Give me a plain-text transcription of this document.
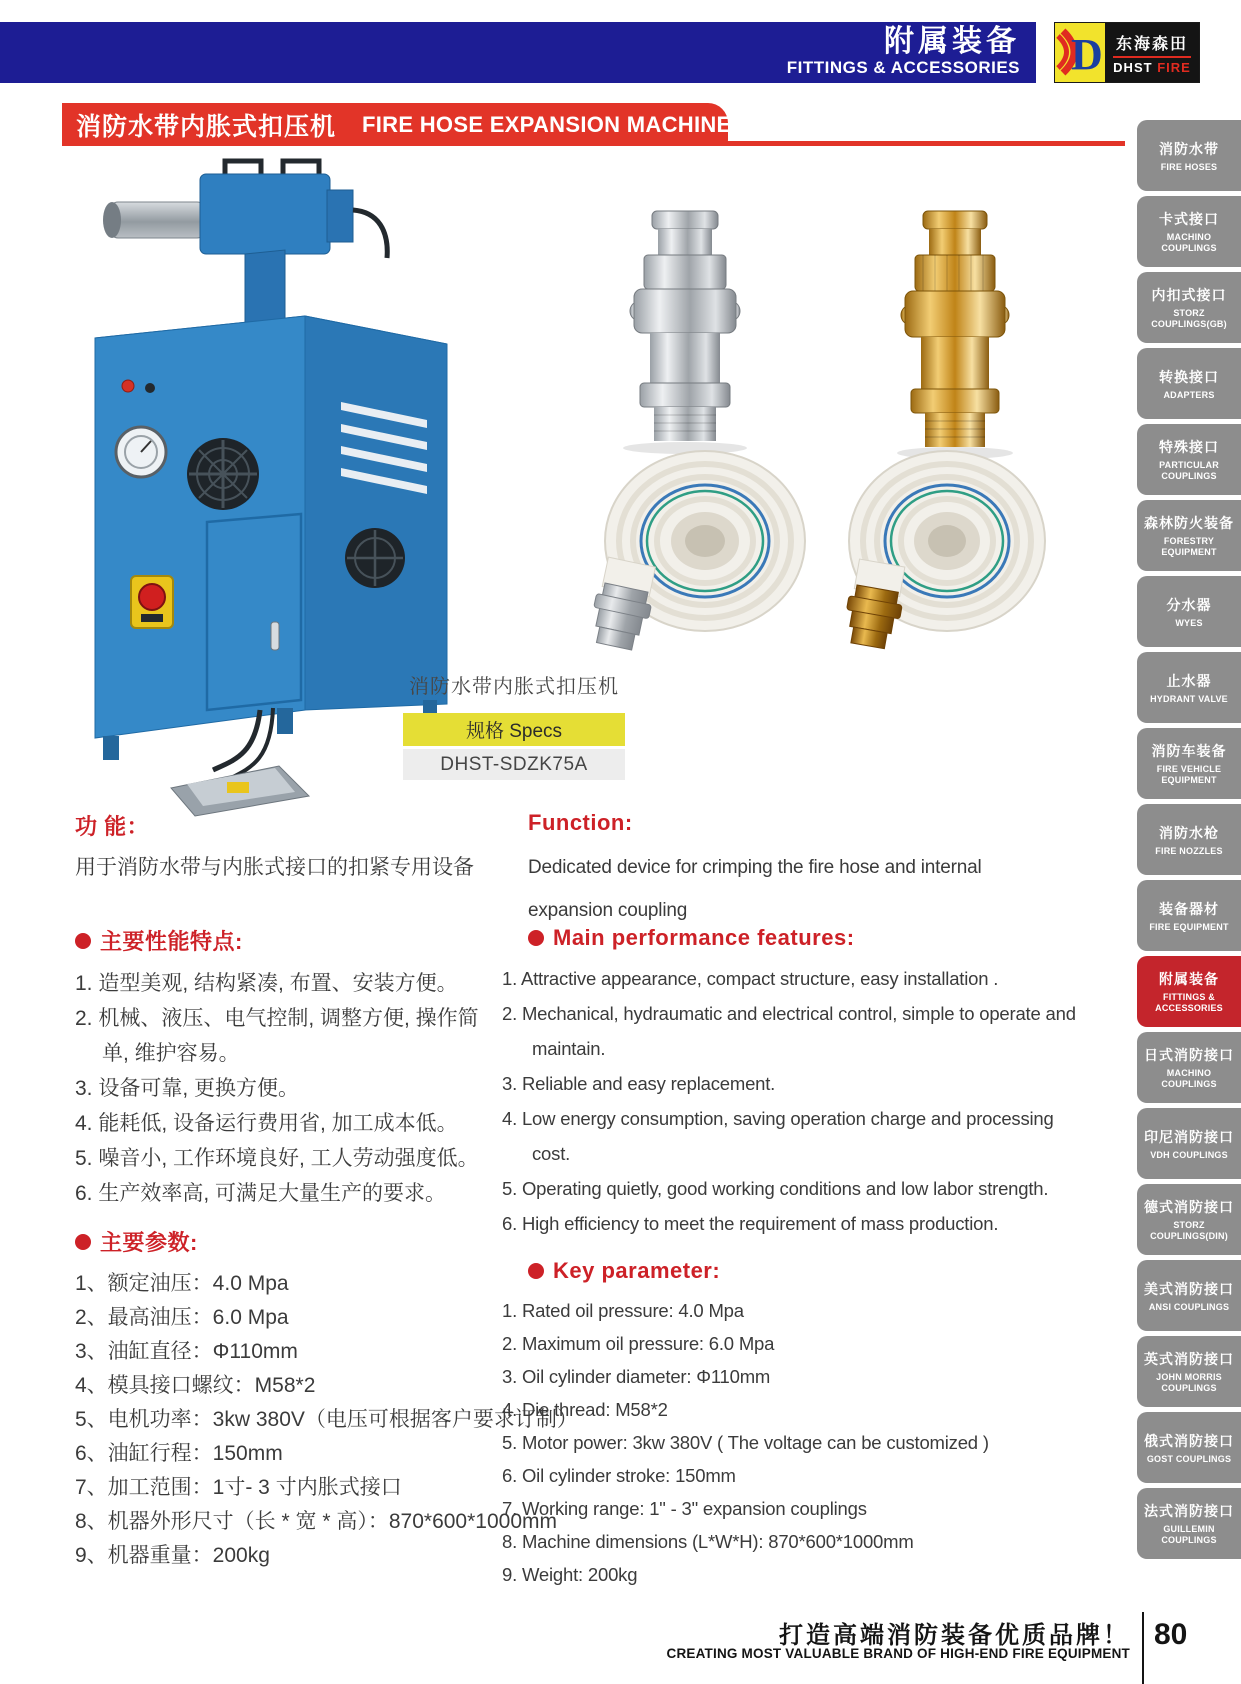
附属装备
FITTINGS & ACCESSORIES D 东海森田
DHST FIRE
消防水带内胀式扣压机 FIRE HOSE EXPANSION MACHINE
消防水带
FIRE HOSES
卡式接口
MACHINO COUPLINGS
内扣式接口
STORZ COUPLINGS(GB)
转换接口
ADAPTERS
特殊接口
PARTICULAR COUPLINGS
森林防火装备
FORESTRY EQUIPMENT
分水器
WYES
止水器
HYDRANT VALVE
消防车装备
FIRE VEHICLE EQUIPMENT
消防水枪
FIRE NOZZLES
装备器材
FIRE EQUIPMENT
附属装备
FITTINGS & ACCESSORIES
日式消防接口
MACHINO COUPLINGS
印尼消防接口
VDH COUPLINGS
德式消防接口
STORZ COUPLINGS(DIN)
美式消防接口
ANSI COUPLINGS
英式消防接口
JOHN MORRIS COUPLINGS
俄式消防接口
GOST COUPLINGS
法式消防接口
GUILLEMIN COUPLINGS
消防水带内胀式扣压机
规格 Specs
DHST-SDZK75A
功 能：
用于消防水带与内胀式接口的扣紧专用设备
Function:
Dedicated device for crimping the fire hose and internal expansion coupling
主要性能特点:
1. 造型美观, 结构紧凑, 布置、安装方便。
2. 机械、液压、电气控制, 调整方便, 操作简单, 维护容易。
3. 设备可靠, 更换方便。
4. 能耗低, 设备运行费用省, 加工成本低。
5. 噪音小, 工作环境良好, 工人劳动强度低。
6. 生产效率高, 可满足大量生产的要求。
Main performance features:
1. Attractive appearance, compact structure, easy installation .
2. Mechanical, hydraumatic and electrical control, simple to operate and maintain.
3. Reliable and easy replacement.
4. Low energy consumption, saving operation charge and processing cost.
5. Operating quietly, good working conditions and low labor strength.
6. High efficiency to meet the requirement of mass production.
主要参数:
1、额定油压：4.0 Mpa
2、最高油压：6.0 Mpa
3、油缸直径：Φ110mm
4、模具接口螺纹：M58*2
5、电机功率：3kw 380V（电压可根据客户要求订制）
6、油缸行程：150mm
7、加工范围：1寸- 3 寸内胀式接口
8、机器外形尺寸（长 * 宽 * 高）：870*600*1000mm
9、机器重量：200kg
Key parameter:
1. Rated oil pressure: 4.0 Mpa
2. Maximum oil pressure: 6.0 Mpa
3. Oil cylinder diameter: Φ110mm
4. Die thread: M58*2
5. Motor power: 3kw 380V ( The voltage can be customized )
6. Oil cylinder stroke: 150mm
7. Working range: 1" - 3" expansion couplings
8. Machine dimensions (L*W*H): 870*600*1000mm
9. Weight: 200kg
打造高端消防装备优质品牌！
CREATING MOST VALUABLE BRAND OF HIGH-END FIRE EQUIPMENT
80
